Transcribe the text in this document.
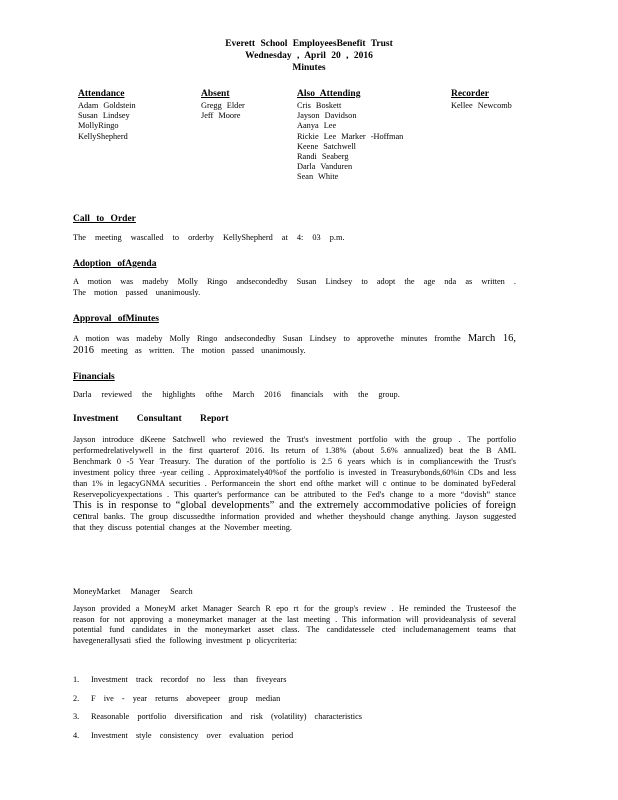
Everett School EmployeesBenefit Trust
Wednesday , April 20 , 2016
Minutes
Attendance
Adam Goldstein
Susan Lindsey
MollyRingo
KellyShepherd
Absent
Gregg Elder
Jeff Moore
Also Attending
Cris Boskett
Jayson Davidson
Aanya Lee
Rickie Lee Marker -Hoffman
Keene Satchwell
Randi Seaberg
Darla Vanduren
Sean White
Recorder
Kellee Newcomb
Call to Order
The meeting wascalled to orderby KellyShepherd at 4: 03 p.m.
Adoption ofAgenda
A motion was madeby Molly Ringo andsecondedby Susan Lindsey to adopt the age nda as written . The motion passed unanimously.
Approval ofMinutes
A motion was madeby Molly Ringo andsecondedby Susan Lindsey to approvethe minutes fromthe March 16, 2016 meeting as written. The motion passed unanimously.
Financials
Darla reviewed the highlights ofthe March 2016 financials with the group.
Investment Consultant Report
Jayson introduce dKeene Satchwell who reviewed the Trust's investment portfolio with the group . The portfolio performedrelativelywell in the first quarterof 2016. Its return of 1.38% (about 5.6% annualized) beat the B AML Benchmark 0 -5 Year Treasury. The duration of the portfolio is 2.5 6 years which is in compliancewith the Trust's investment policy three -year ceiling . Approximately40%of the portfolio is invested in Treasurybonds,60%in CDs and less than 1% in legacyGNMA securities . Performancein the short end ofthe market will c ontinue to be dominated byFederal Reservepolicyexpectations . This quarter's performance can be attributed to the Fed's change to a more “dovish” stance This is in response to “global developments” and the extremely accommodative policies of foreign central banks. The group discussedthe information provided and whether theyshould change anything. Jayson suggested that they discuss potential changes at the November meeting.
MoneyMarket Manager Search
Jayson provided a MoneyM arket Manager Search R epo rt for the group's review . He reminded the Trusteesof the reason for not approving a moneymarket manager at the last meeting . This information will provideanalysis of several potential fund candidates in the moneymarket asset class. The candidatessele cted includemanagement teams that havegenerallysati sfied the following investment p olicycriteria:
1. Investment track recordof no less than fiveyears
2. F ive - year returns abovepeer group median
3. Reasonable portfolio diversification and risk (volatility) characteristics
4. Investment style consistency over evaluation period
